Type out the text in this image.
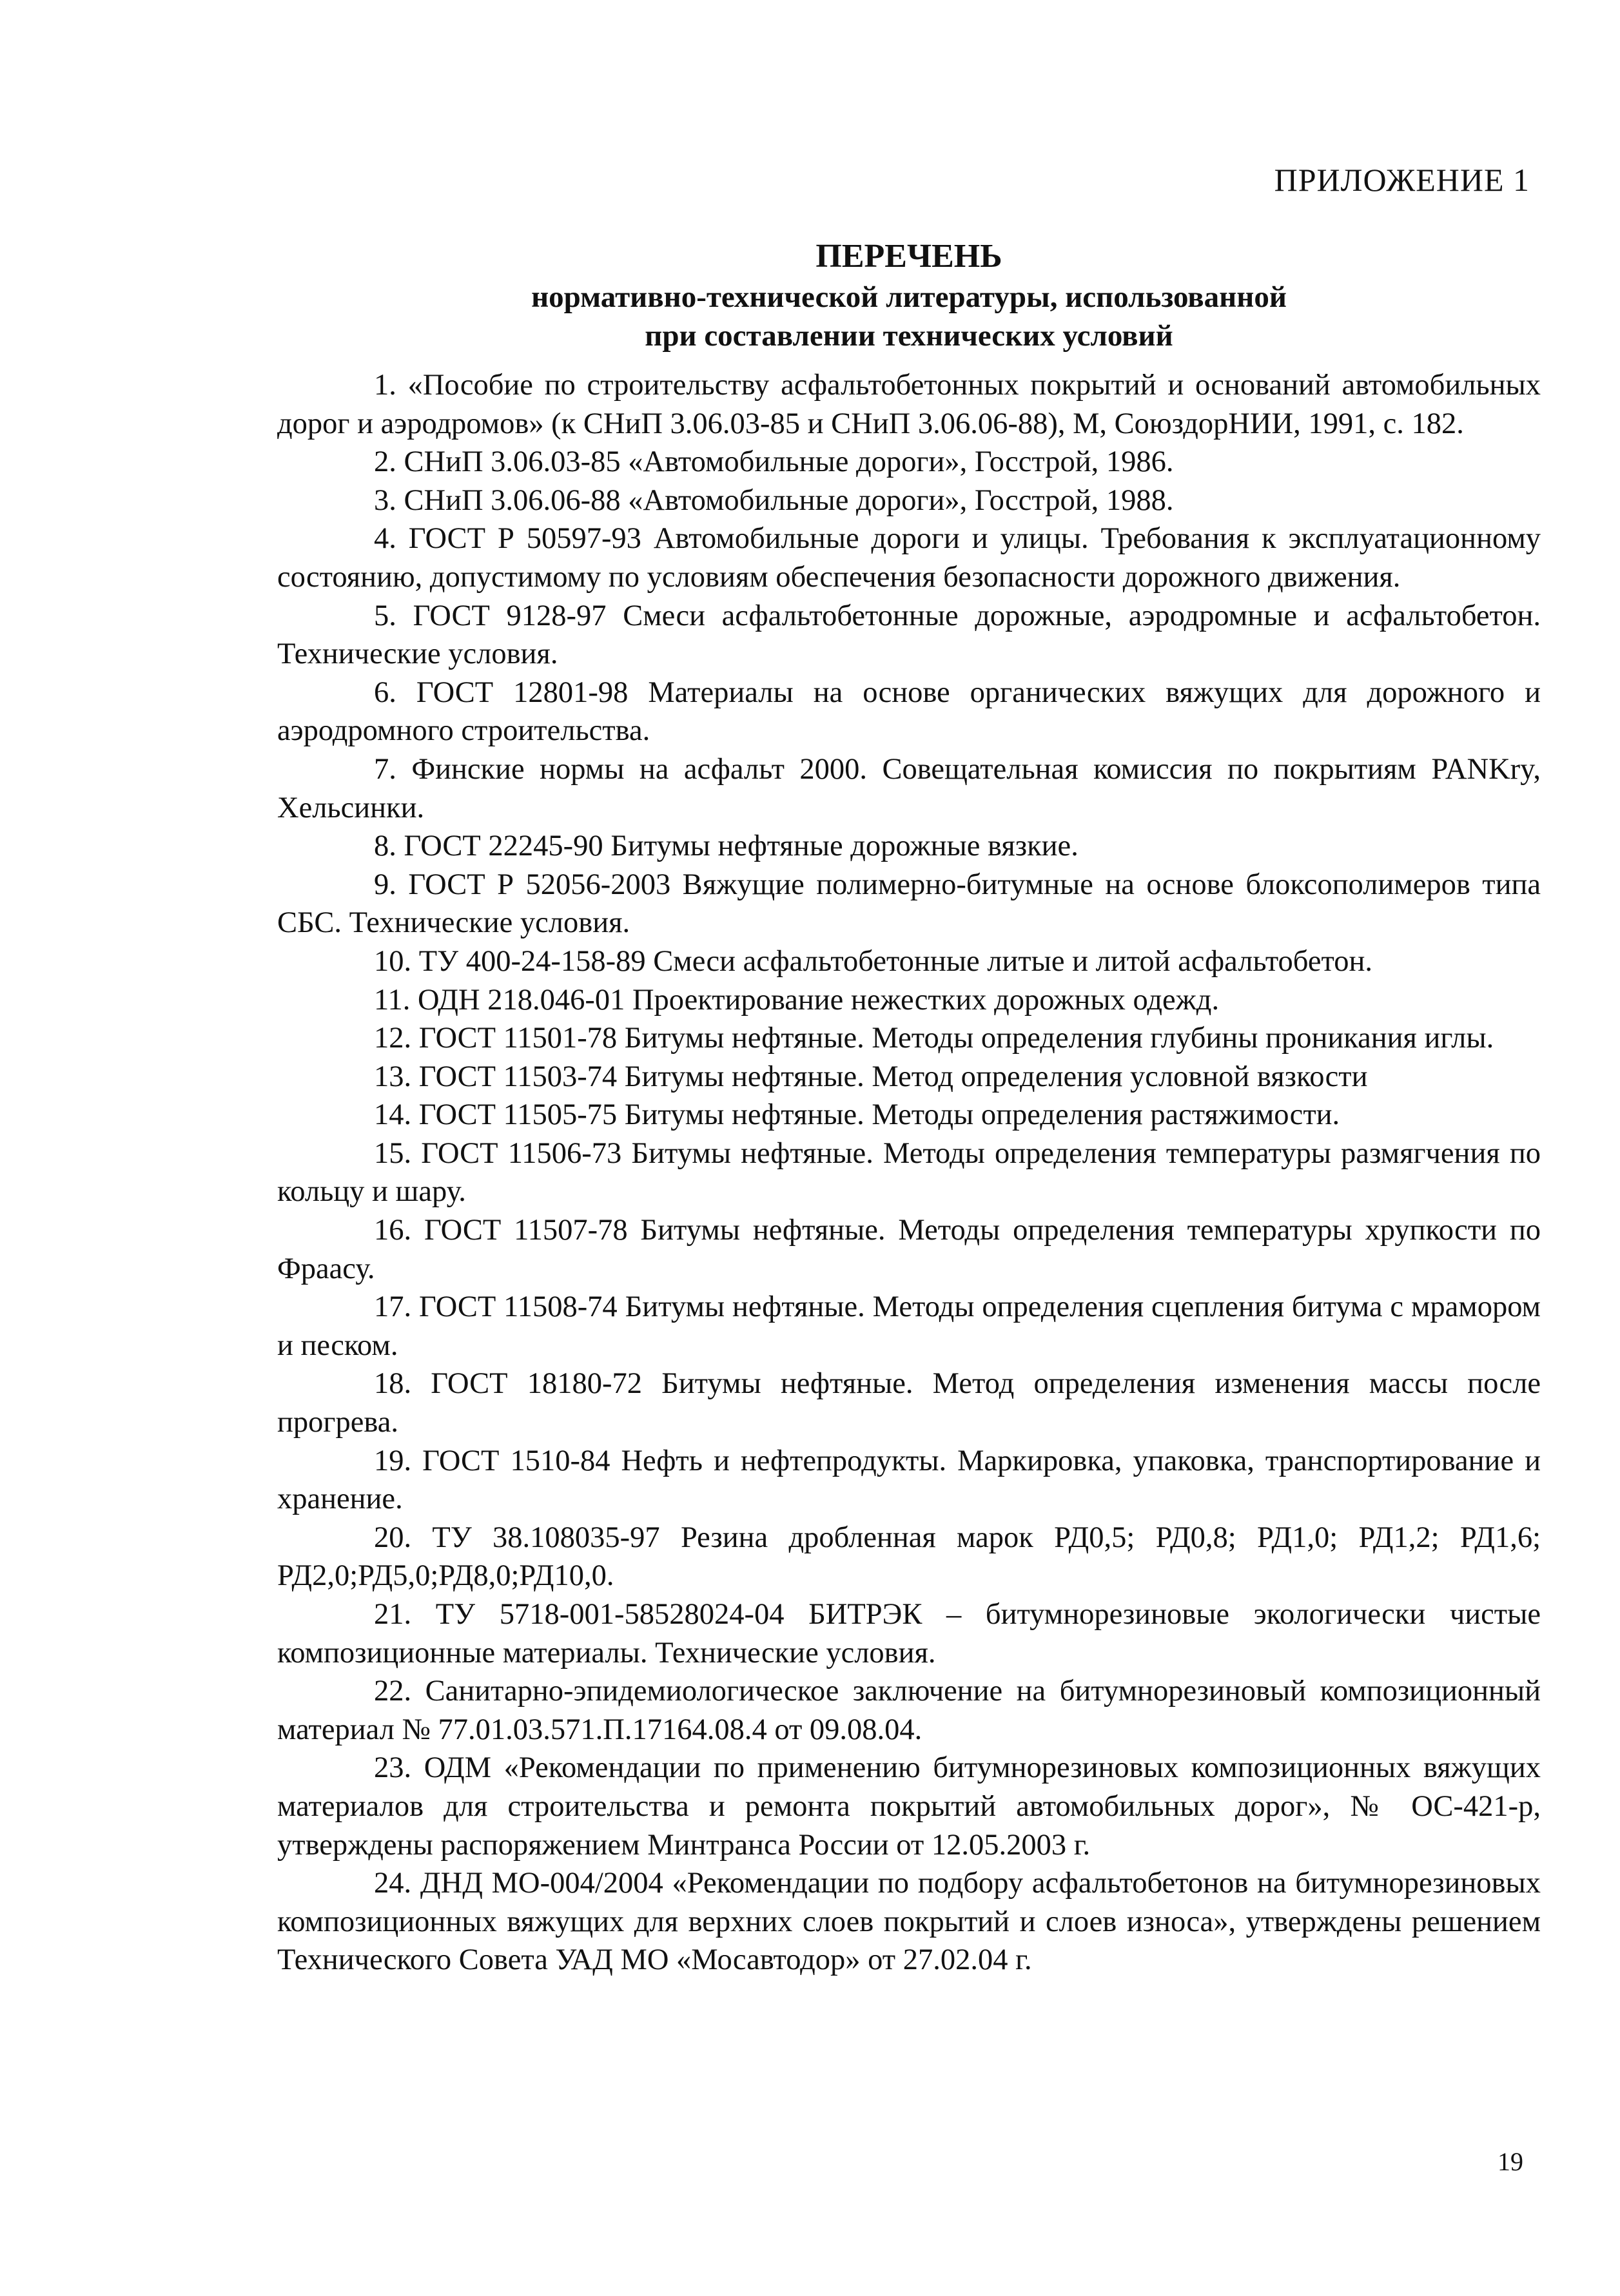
ПРИЛОЖЕНИЕ 1
ПЕРЕЧЕНЬ
нормативно-технической литературы, использованной
при составлении технических условий
1. «Пособие по строительству асфальтобетонных покрытий и оснований автомобильных дорог и аэродромов» (к СНиП 3.06.03-85 и СНиП 3.06.06-88), М, СоюздорНИИ, 1991, с. 182.
2. СНиП 3.06.03-85 «Автомобильные дороги», Госстрой, 1986.
3. СНиП 3.06.06-88 «Автомобильные дороги», Госстрой, 1988.
4. ГОСТ Р 50597-93 Автомобильные дороги и улицы. Требования к эксплуатационному состоянию, допустимому по условиям обеспечения безопасности дорожного движения.
5. ГОСТ 9128-97 Смеси асфальтобетонные дорожные, аэродромные и асфальтобетон. Технические условия.
6. ГОСТ 12801-98 Материалы на основе органических вяжущих для дорожного и аэродромного строительства.
7. Финские нормы на асфальт 2000. Совещательная комиссия по покрытиям PANKry, Хельсинки.
8. ГОСТ 22245-90 Битумы нефтяные дорожные вязкие.
9. ГОСТ Р 52056-2003 Вяжущие полимерно-битумные на основе блоксополимеров типа СБС. Технические условия.
10. ТУ 400-24-158-89 Смеси асфальтобетонные литые и литой асфальтобетон.
11. ОДН 218.046-01 Проектирование нежестких дорожных одежд.
12. ГОСТ 11501-78 Битумы нефтяные. Методы определения глубины проникания иглы.
13. ГОСТ 11503-74 Битумы нефтяные. Метод определения условной вязкости
14. ГОСТ 11505-75 Битумы нефтяные. Методы определения растяжимости.
15. ГОСТ 11506-73 Битумы нефтяные. Методы определения температуры размягчения по кольцу и шару.
16. ГОСТ 11507-78 Битумы нефтяные. Методы определения температуры хрупкости по Фраасу.
17. ГОСТ 11508-74 Битумы нефтяные. Методы определения сцепления битума с мрамором и песком.
18. ГОСТ 18180-72 Битумы нефтяные. Метод определения изменения массы после прогрева.
19. ГОСТ 1510-84 Нефть и нефтепродукты. Маркировка, упаковка, транспортирование и хранение.
20. ТУ 38.108035-97 Резина дробленная марок РД0,5; РД0,8; РД1,0; РД1,2; РД1,6; РД2,0;РД5,0;РД8,0;РД10,0.
21. ТУ 5718-001-58528024-04 БИТРЭК – битумнорезиновые экологически чистые композиционные материалы. Технические условия.
22. Санитарно-эпидемиологическое заключение на битумнорезиновый композиционный материал № 77.01.03.571.П.17164.08.4 от 09.08.04.
23. ОДМ «Рекомендации по применению битумнорезиновых композиционных вяжущих материалов для строительства и ремонта покрытий автомобильных дорог», № ОС-421-р, утверждены распоряжением Минтранса России от 12.05.2003 г.
24. ДНД МО-004/2004 «Рекомендации по подбору асфальтобетонов на битумнорезиновых композиционных вяжущих для верхних слоев покрытий и слоев износа», утверждены решением Технического Совета УАД МО «Мосавтодор» от 27.02.04 г.
19
